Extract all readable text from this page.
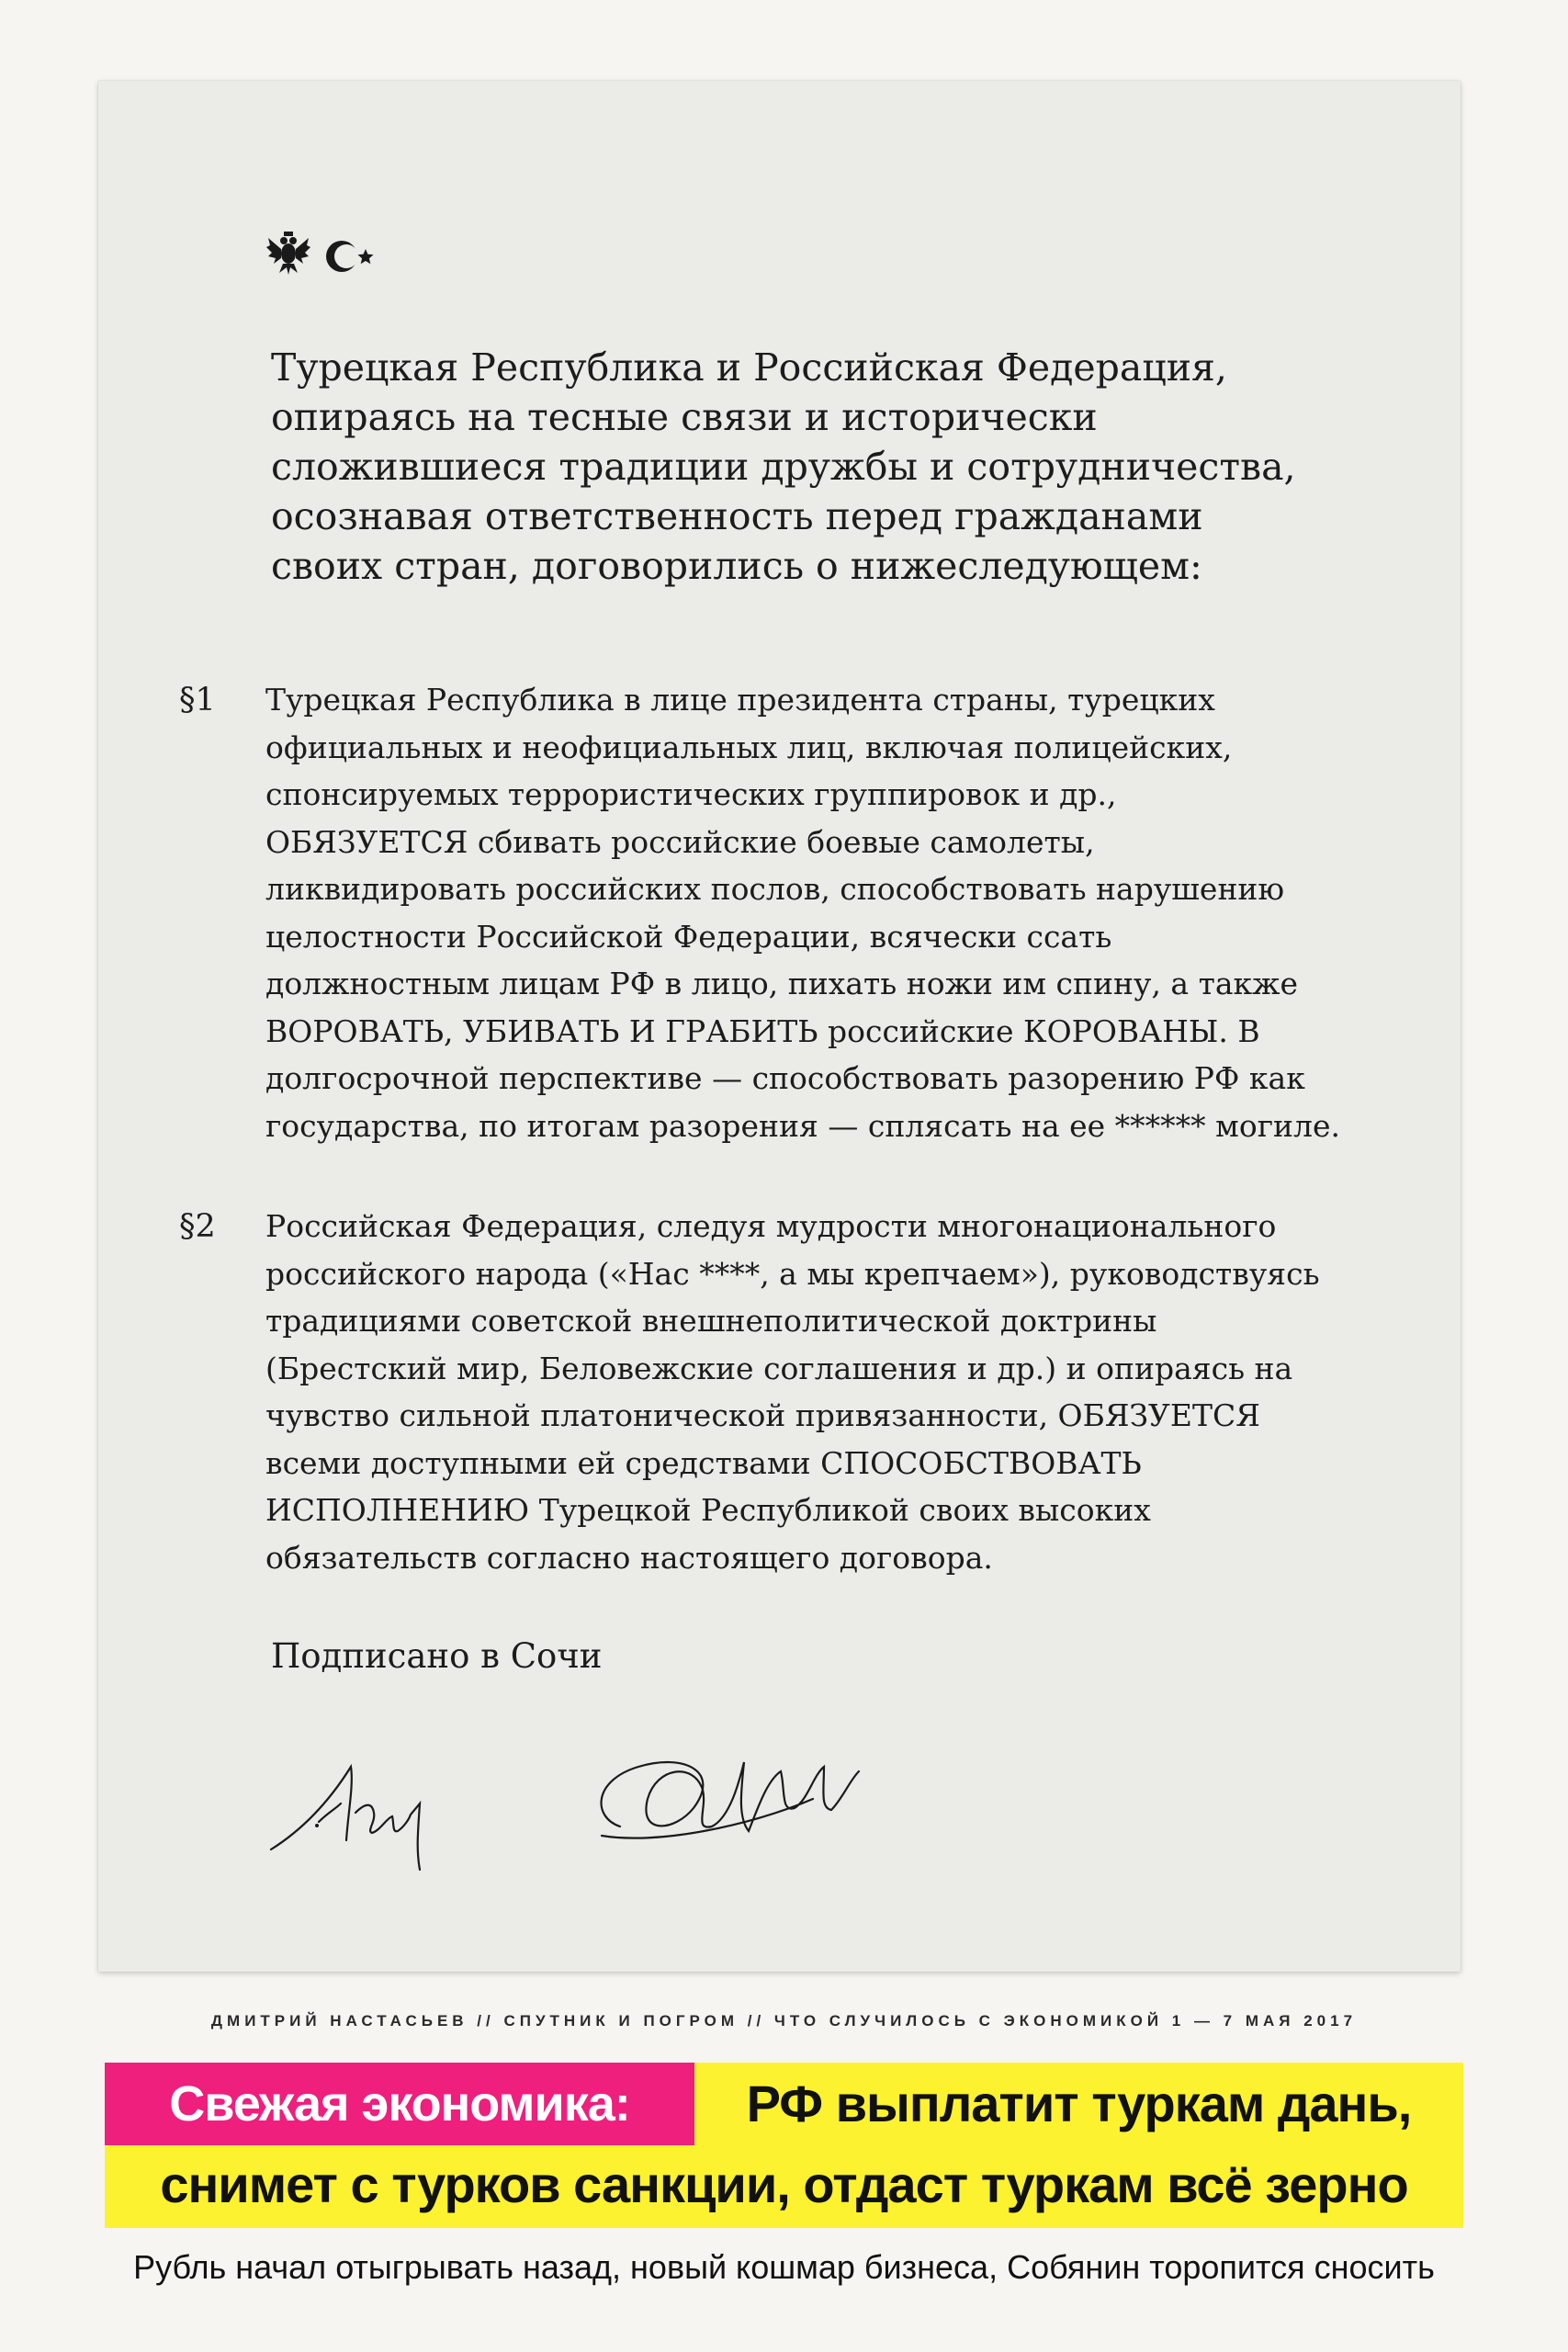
Турецкая Республика и Российская Федерация,
опираясь на тесные связи и исторически
сложившиеся традиции дружбы и сотрудничества,
осознавая ответственность перед гражданами
своих стран, договорились о нижеследующем:
§1 Турецкая Республика в лице президента страны, турецких
официальных и неофициальных лиц, включая полицейских,
спонсируемых террористических группировок и др.,
ОБЯЗУЕТСЯ сбивать российские боевые самолеты,
ликвидировать российских послов, способствовать нарушению
целостности Российской Федерации, всячески ссать
должностным лицам РФ в лицо, пихать ножи им спину, а также
ВОРОВАТЬ, УБИВАТЬ И ГРАБИТЬ российские КОРОВАНЫ. В
долгосрочной перспективе — способствовать разорению РФ как
государства, по итогам разорения — сплясать на ее ****** могиле.
§2 Российская Федерация, следуя мудрости многонационального
российского народа («Нас ****, а мы крепчаем»), руководствуясь
традициями советской внешнеполитической доктрины
(Брестский мир, Беловежские соглашения и др.) и опираясь на
чувство сильной платонической привязанности, ОБЯЗУЕТСЯ
всеми доступными ей средствами СПОСОБСТВОВАТЬ
ИСПОЛНЕНИЮ Турецкой Республикой своих высоких
обязательств согласно настоящего договора.
Подписано в Сочи
ДМИТРИЙ НАСТАСЬЕВ // СПУТНИК И ПОГРОМ // ЧТО СЛУЧИЛОСЬ С ЭКОНОМИКОЙ 1 — 7 МАЯ 2017
Свежая экономика:	РФ выплатит туркам дань,
снимет с турков санкции, отдаст туркам всё зерно
Рубль начал отыгрывать назад, новый кошмар бизнеса, Собянин торопится сносить
